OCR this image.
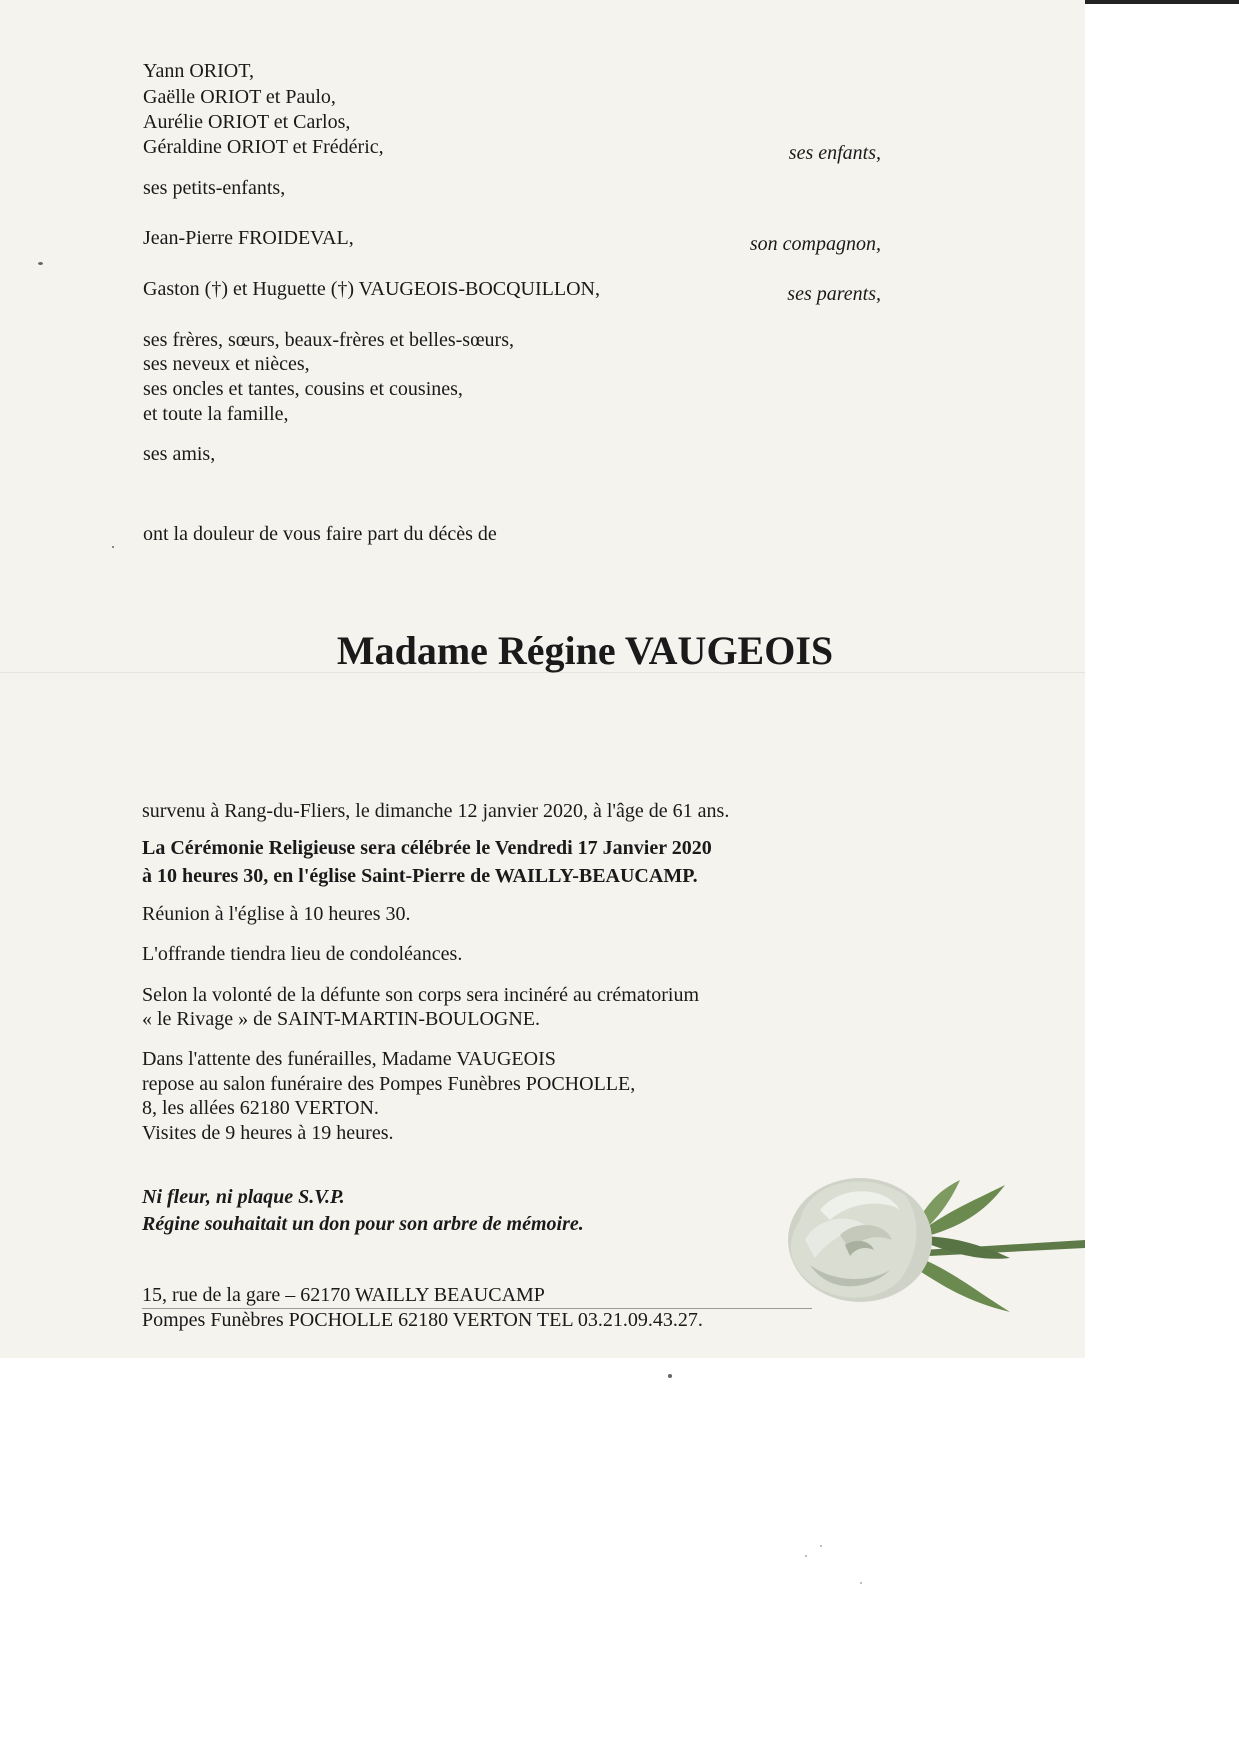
Yann ORIOT,
Gaëlle ORIOT et Paulo,
Aurélie ORIOT et Carlos,
Géraldine ORIOT et Frédéric,	ses enfants,
ses petits-enfants,
Jean-Pierre FROIDEVAL,	son compagnon,
Gaston (†) et Huguette (†) VAUGEOIS-BOCQUILLON,	ses parents,
ses frères, sœurs, beaux-frères et belles-sœurs,
ses neveux et nièces,
ses oncles et tantes, cousins et cousines,
et toute la famille,
ses amis,
ont la douleur de vous faire part du décès de
Madame Régine VAUGEOIS
survenu à Rang-du-Fliers, le dimanche 12 janvier 2020, à l'âge de 61 ans.
La Cérémonie Religieuse sera célébrée le Vendredi 17 Janvier 2020
à 10 heures 30, en l'église Saint-Pierre de WAILLY-BEAUCAMP.
Réunion à l'église à 10 heures 30.
L'offrande tiendra lieu de condoléances.
Selon la volonté de la défunte son corps sera incinéré au crématorium
« le Rivage » de SAINT-MARTIN-BOULOGNE.
Dans l'attente des funérailles, Madame VAUGEOIS
repose au salon funéraire des Pompes Funèbres POCHOLLE,
8, les allées 62180 VERTON.
Visites de 9 heures à 19 heures.
Ni fleur, ni plaque S.V.P.
Régine souhaitait un don pour son arbre de mémoire.
15, rue de la gare – 62170 WAILLY BEAUCAMP
Pompes Funèbres POCHOLLE 62180 VERTON TEL 03.21.09.43.27.
